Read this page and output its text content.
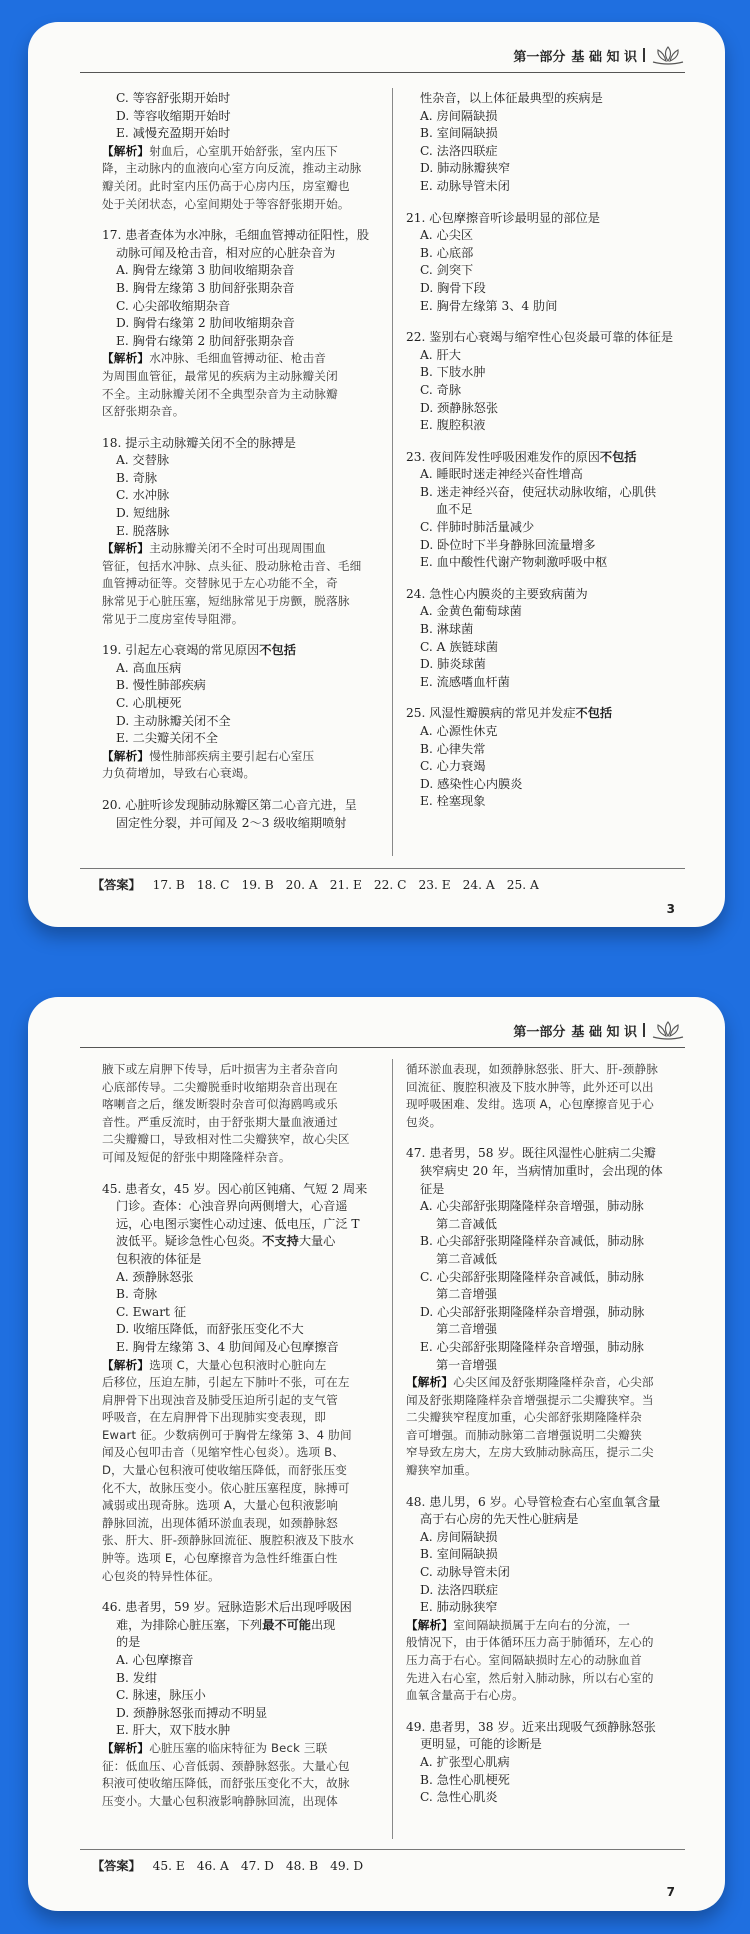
第一部分 基 础 知 识
C. 等容舒张期开始时
D. 等容收缩期开始时
E. 减慢充盈期开始时
【解析】射血后，心室肌开始舒张，室内压下
降，主动脉内的血液向心室方向反流，推动主动脉
瓣关闭。此时室内压仍高于心房内压，房室瓣也
处于关闭状态，心室间期处于等容舒张期开始。
17. 患者查体为水冲脉，毛细血管搏动征阳性，股
动脉可闻及枪击音，相对应的心脏杂音为
A. 胸骨左缘第 3 肋间收缩期杂音
B. 胸骨左缘第 3 肋间舒张期杂音
C. 心尖部收缩期杂音
D. 胸骨右缘第 2 肋间收缩期杂音
E. 胸骨右缘第 2 肋间舒张期杂音
【解析】水冲脉、毛细血管搏动征、枪击音
为周围血管征，最常见的疾病为主动脉瓣关闭
不全。主动脉瓣关闭不全典型杂音为主动脉瓣
区舒张期杂音。
18. 提示主动脉瓣关闭不全的脉搏是
A. 交替脉
B. 奇脉
C. 水冲脉
D. 短绌脉
E. 脱落脉
【解析】主动脉瓣关闭不全时可出现周围血
管征，包括水冲脉、点头征、股动脉枪击音、毛细
血管搏动征等。交替脉见于左心功能不全，奇
脉常见于心脏压塞，短绌脉常见于房颤，脱落脉
常见于二度房室传导阻滞。
19. 引起左心衰竭的常见原因不包括
A. 高血压病
B. 慢性肺部疾病
C. 心肌梗死
D. 主动脉瓣关闭不全
E. 二尖瓣关闭不全
【解析】慢性肺部疾病主要引起右心室压
力负荷增加，导致右心衰竭。
20. 心脏听诊发现肺动脉瓣区第二心音亢进，呈
固定性分裂，并可闻及 2～3 级收缩期喷射
性杂音，以上体征最典型的疾病是
A. 房间隔缺损
B. 室间隔缺损
C. 法洛四联症
D. 肺动脉瓣狭窄
E. 动脉导管未闭
21. 心包摩擦音听诊最明显的部位是
A. 心尖区
B. 心底部
C. 剑突下
D. 胸骨下段
E. 胸骨左缘第 3、4 肋间
22. 鉴别右心衰竭与缩窄性心包炎最可靠的体征是
A. 肝大
B. 下肢水肿
C. 奇脉
D. 颈静脉怒张
E. 腹腔积液
23. 夜间阵发性呼吸困难发作的原因不包括
A. 睡眠时迷走神经兴奋性增高
B. 迷走神经兴奋，使冠状动脉收缩，心肌供
血不足
C. 伴肺时肺活量减少
D. 卧位时下半身静脉回流量增多
E. 血中酸性代谢产物刺激呼吸中枢
24. 急性心内膜炎的主要致病菌为
A. 金黄色葡萄球菌
B. 淋球菌
C. A 族链球菌
D. 肺炎球菌
E. 流感嗜血杆菌
25. 风湿性瓣膜病的常见并发症不包括
A. 心源性休克
B. 心律失常
C. 心力衰竭
D. 感染性心内膜炎
E. 栓塞现象
【答案】 17. B 18. C 19. B 20. A 21. E 22. C 23. E 24. A 25. A
3
第一部分 基 础 知 识
腋下或左肩胛下传导，后叶损害为主者杂音向
心底部传导。二尖瓣脱垂时收缩期杂音出现在
喀喇音之后，继发断裂时杂音可似海鸥鸣或乐
音性。严重反流时，由于舒张期大量血液通过
二尖瓣瓣口，导致相对性二尖瓣狭窄，故心尖区
可闻及短促的舒张中期隆隆样杂音。
45. 患者女，45 岁。因心前区钝痛、气短 2 周来
门诊。查体：心浊音界向两侧增大，心音遥
远，心电图示窦性心动过速、低电压，广泛 T
波低平。疑诊急性心包炎。不支持大量心
包积液的体征是
A. 颈静脉怒张
B. 奇脉
C. Ewart 征
D. 收缩压降低，而舒张压变化不大
E. 胸骨左缘第 3、4 肋间闻及心包摩擦音
【解析】选项 C，大量心包积液时心脏向左
后移位，压迫左肺，引起左下肺叶不张，可在左
肩胛骨下出现浊音及肺受压迫所引起的支气管
呼吸音，在左肩胛骨下出现肺实变表现，即
Ewart 征。少数病例可于胸骨左缘第 3、4 肋间
闻及心包叩击音（见缩窄性心包炎）。选项 B、
D，大量心包积液可使收缩压降低，而舒张压变
化不大，故脉压变小。依心脏压塞程度，脉搏可
减弱或出现奇脉。选项 A，大量心包积液影响
静脉回流，出现体循环淤血表现，如颈静脉怒
张、肝大、肝-颈静脉回流征、腹腔积液及下肢水
肿等。选项 E，心包摩擦音为急性纤维蛋白性
心包炎的特异性体征。
46. 患者男，59 岁。冠脉造影术后出现呼吸困
难，为排除心脏压塞，下列最不可能出现
的是
A. 心包摩擦音
B. 发绀
C. 脉速，脉压小
D. 颈静脉怒张而搏动不明显
E. 肝大，双下肢水肿
【解析】心脏压塞的临床特征为 Beck 三联
征：低血压、心音低弱、颈静脉怒张。大量心包
积液可使收缩压降低，而舒张压变化不大，故脉
压变小。大量心包积液影响静脉回流，出现体
循环淤血表现，如颈静脉怒张、肝大、肝-颈静脉
回流征、腹腔积液及下肢水肿等，此外还可以出
现呼吸困难、发绀。选项 A，心包摩擦音见于心
包炎。
47. 患者男，58 岁。既往风湿性心脏病二尖瓣
狭窄病史 20 年，当病情加重时，会出现的体
征是
A. 心尖部舒张期隆隆样杂音增强，肺动脉
第二音减低
B. 心尖部舒张期隆隆样杂音减低，肺动脉
第二音减低
C. 心尖部舒张期隆隆样杂音减低，肺动脉
第二音增强
D. 心尖部舒张期隆隆样杂音增强，肺动脉
第二音增强
E. 心尖部舒张期隆隆样杂音增强，肺动脉
第一音增强
【解析】心尖区闻及舒张期隆隆样杂音，心尖部
闻及舒张期隆隆样杂音增强提示二尖瓣狭窄。当
二尖瓣狭窄程度加重，心尖部舒张期隆隆样杂
音可增强。而肺动脉第二音增强说明二尖瓣狭
窄导致左房大，左房大致肺动脉高压，提示二尖
瓣狭窄加重。
48. 患儿男，6 岁。心导管检查右心室血氧含量
高于右心房的先天性心脏病是
A. 房间隔缺损
B. 室间隔缺损
C. 动脉导管未闭
D. 法洛四联症
E. 肺动脉狭窄
【解析】室间隔缺损属于左向右的分流，一
般情况下，由于体循环压力高于肺循环，左心的
压力高于右心。室间隔缺损时左心的动脉血首
先进入右心室，然后射入肺动脉，所以右心室的
血氧含量高于右心房。
49. 患者男，38 岁。近来出现吸气颈静脉怒张
更明显，可能的诊断是
A. 扩张型心肌病
B. 急性心肌梗死
C. 急性心肌炎
【答案】 45. E 46. A 47. D 48. B 49. D
7
